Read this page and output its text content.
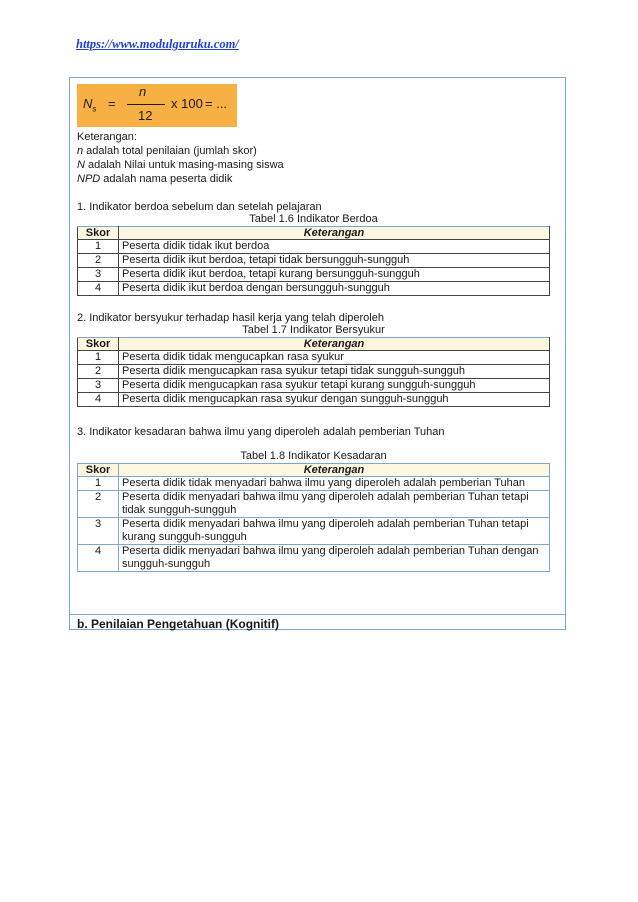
https://www.modulguruku.com/
$N_s$ =
n
12
x 100 = ...
Keterangan:
n adalah total penilaian (jumlah skor)
N adalah Nilai untuk masing-masing siswa
NPD adalah nama peserta didik
1. Indikator berdoa sebelum dan setelah pelajaran
Tabel 1.6 Indikator Berdoa
Skor	Keterangan
1	Peserta didik tidak ikut berdoa
2	Peserta didik ikut berdoa, tetapi tidak bersungguh-sungguh
3	Peserta didik ikut berdoa, tetapi kurang bersungguh-sungguh
4	Peserta didik ikut berdoa dengan bersungguh-sungguh
2. Indikator bersyukur terhadap hasil kerja yang telah diperoleh
Tabel 1.7 Indikator Bersyukur
Skor	Keterangan
1	Peserta didik tidak mengucapkan rasa syukur
2	Peserta didik mengucapkan rasa syukur tetapi tidak sungguh-sungguh
3	Peserta didik mengucapkan rasa syukur tetapi kurang sungguh-sungguh
4	Peserta didik mengucapkan rasa syukur dengan sungguh-sungguh
3. Indikator kesadaran bahwa ilmu yang diperoleh adalah pemberian Tuhan
Tabel 1.8 Indikator Kesadaran
Skor	Keterangan
1	Peserta didik tidak menyadari bahwa ilmu yang diperoleh adalah pemberian Tuhan
2	Peserta didik menyadari bahwa ilmu yang diperoleh adalah pemberian Tuhan tetapi tidak sungguh-sungguh
3	Peserta didik menyadari bahwa ilmu yang diperoleh adalah pemberian Tuhan tetapi kurang sungguh-sungguh
4	Peserta didik menyadari bahwa ilmu yang diperoleh adalah pemberian Tuhan dengan sungguh-sungguh
b. Penilaian Pengetahuan (Kognitif)
